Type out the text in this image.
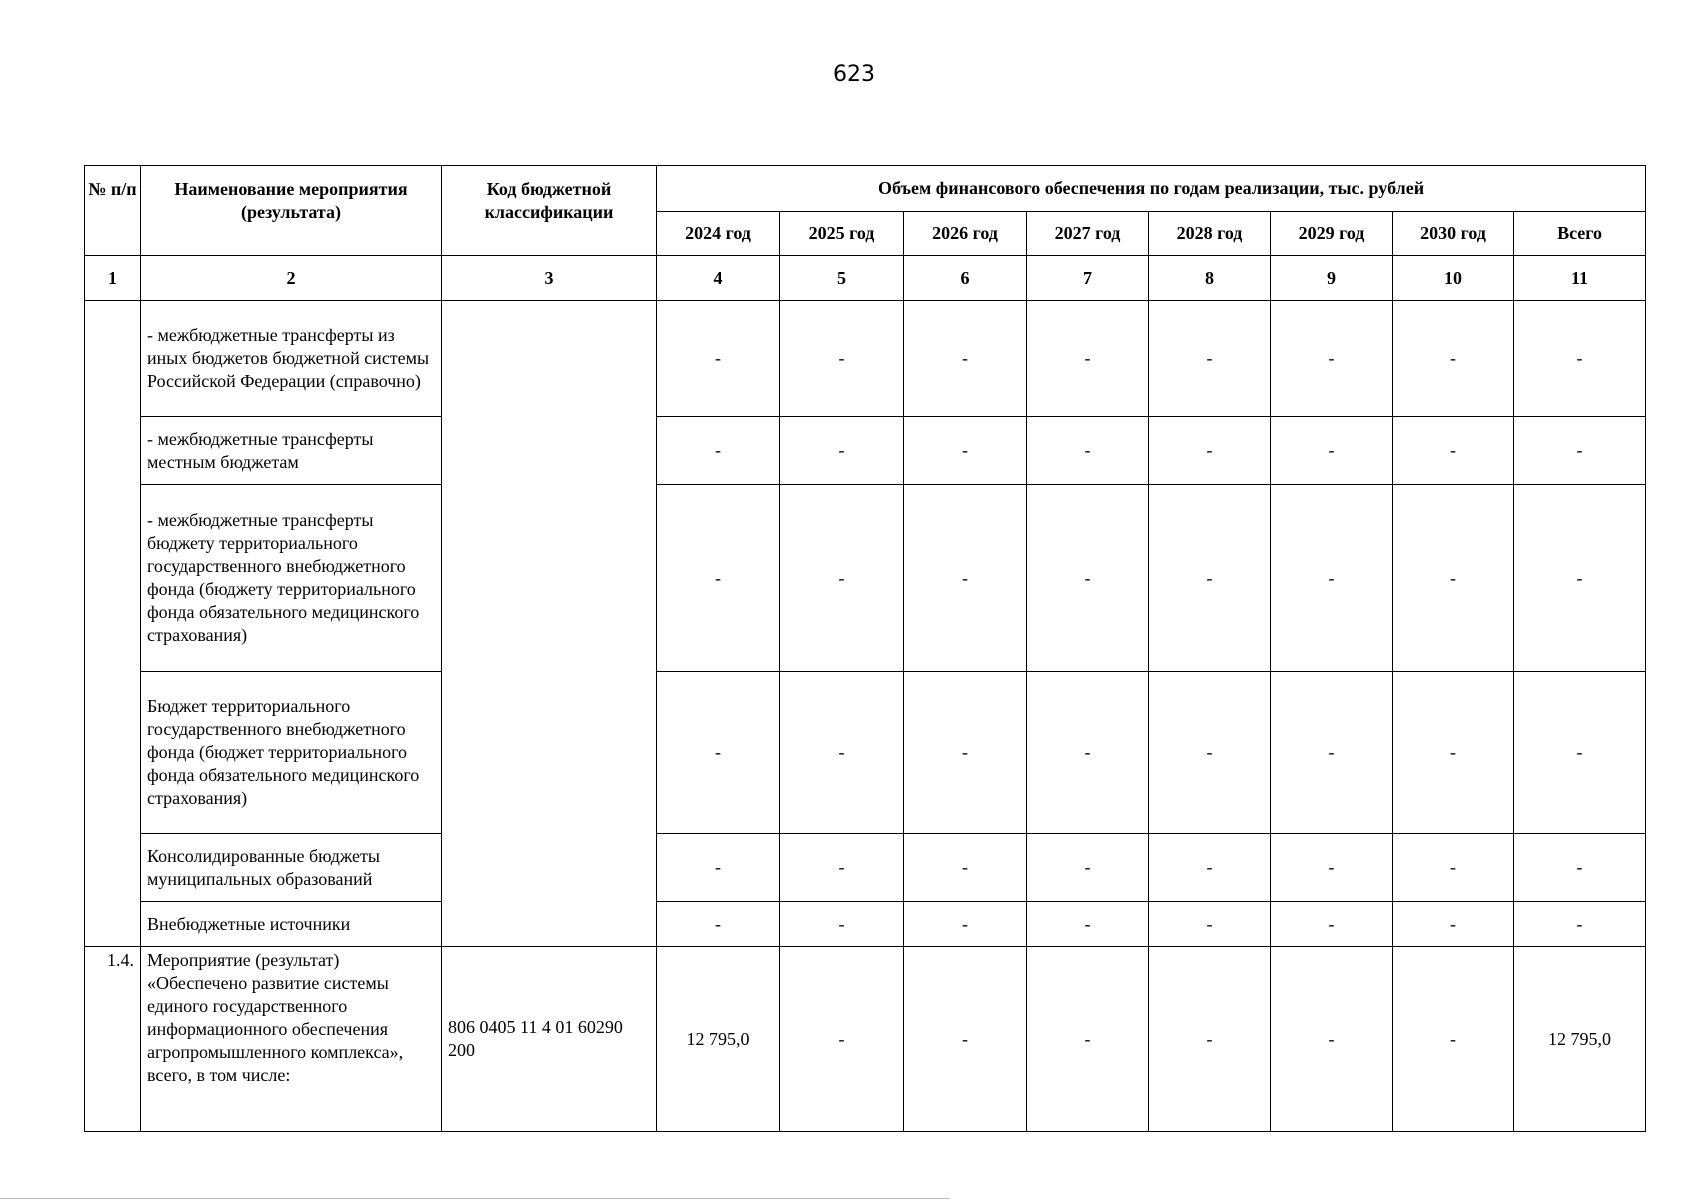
623
№ п/п	Наименование мероприятия (результата)	Код бюджетной классификации	Объем финансового обеспечения по годам реализации, тыс. рублей							
			2024 год	2025 год	2026 год	2027 год	2028 год	2029 год	2030 год	Всего
1	2	3	4	5	6	7	8	9	10	11
	- межбюджетные трансферты из иных бюджетов бюджетной системы Российской Федерации (справочно)		-	-	-	-	-	-	-	-
	- межбюджетные трансферты местным бюджетам		-	-	-	-	-	-	-	-
	- межбюджетные трансферты бюджету территориального государственного внебюджетного фонда (бюджету территориального фонда обязательного медицинского страхования)		-	-	-	-	-	-	-	-
	Бюджет территориального государственного внебюджетного фонда (бюджет территориального фонда обязательного медицинского страхования)		-	-	-	-	-	-	-	-
	Консолидированные бюджеты муниципальных образований		-	-	-	-	-	-	-	-
	Внебюджетные источники		-	-	-	-	-	-	-	-
1.4.	Мероприятие (результат) «Обеспечено развитие системы единого государственного информационного обеспечения агропромышленного комплекса», всего, в том числе:	806 0405 11 4 01 60290 200	12 795,0	-	-	-	-	-	-	12 795,0
